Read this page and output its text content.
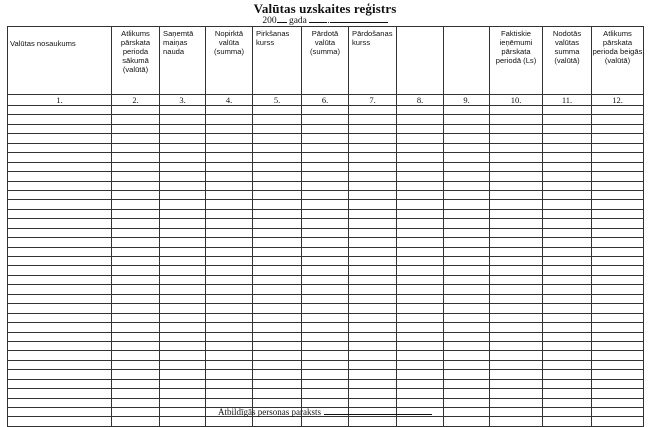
Valūtas uzskaites reģistrs
200 gada .
Valūtas nosaukums	Atlikums pārskata perioda sākumā (valūtā)	Saņemtā maiņas nauda	Nopirktā valūta (summa)	Pirkšanas kurss	Pārdotā valūta (summa)	Pārdošanas kurss			Faktiskie ieņēmumi pārskata periodā (Ls)	Nodotās valūtas summa (valūtā)	Atlikums pārskata perioda beigās (valūtā)
1.	2.	3.	4.	5.	6.	7.	8.	9.	10.	11.	12.

Atbildīgās personas paraksts
